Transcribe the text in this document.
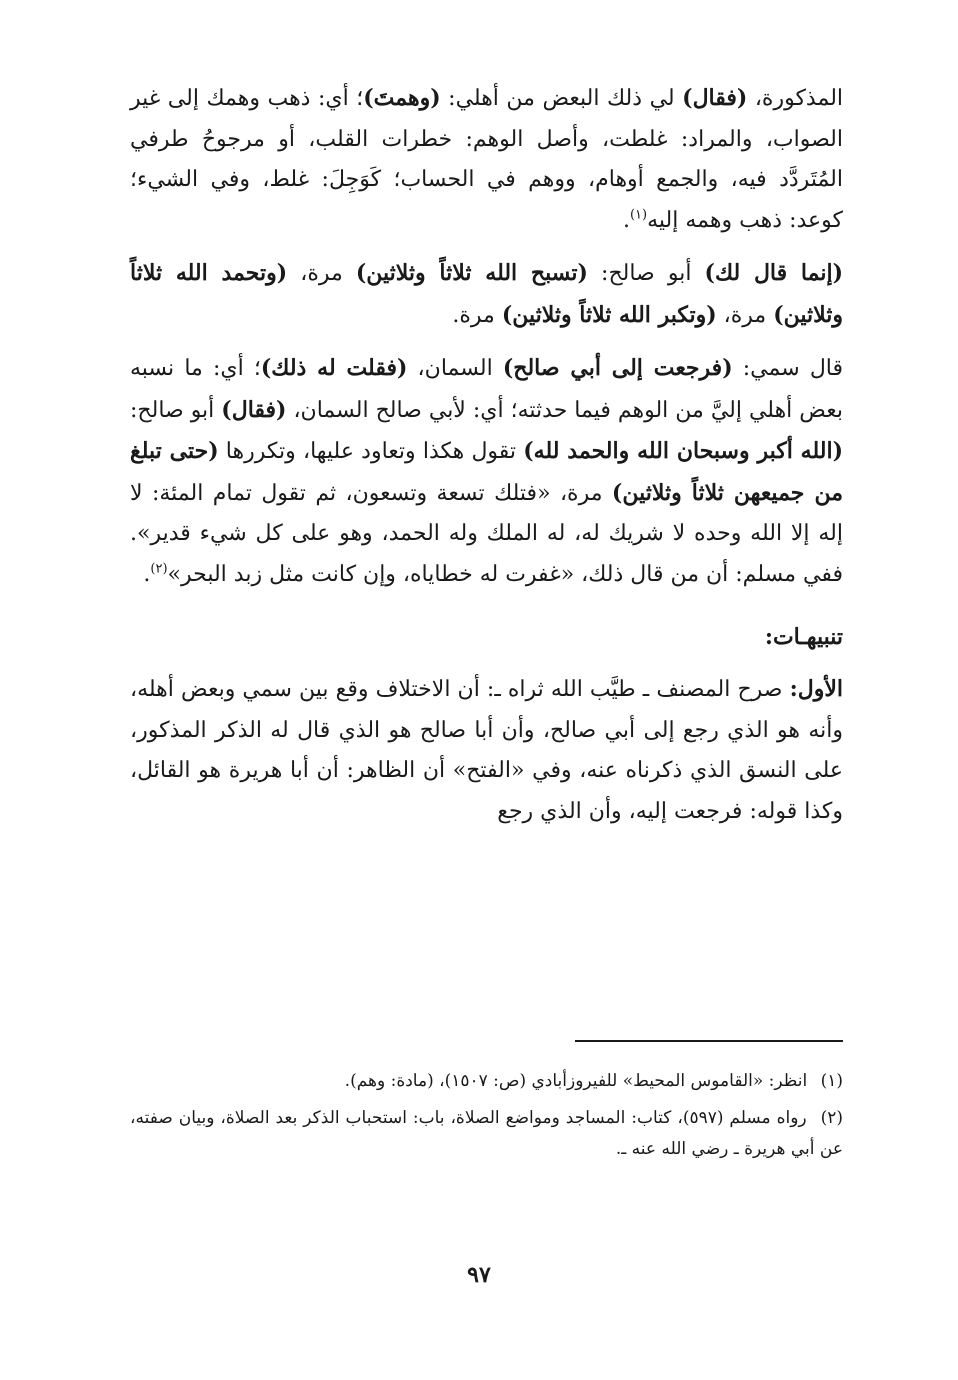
المذكورة، (فقال) لي ذلك البعض من أهلي: (وهمتَ)؛ أي: ذهب وهمك إلى غير الصواب، والمراد: غلطت، وأصل الوهم: خطرات القلب، أو مرجوحُ طرفي المُتَردَّد فيه، والجمع أوهام، ووهم في الحساب؛ كَوَجِلَ: غلط، وفي الشيء؛ كوعد: ذهب وهمه إليه$^{(١)}$.

(إنما قال لك) أبو صالح: (تسبح الله ثلاثاً وثلاثين) مرة، (وتحمد الله ثلاثاً وثلاثين) مرة، (وتكبر الله ثلاثاً وثلاثين) مرة.

قال سمي: (فرجعت إلى أبي صالح) السمان، (فقلت له ذلك)؛ أي: ما نسبه بعض أهلي إليَّ من الوهم فيما حدثته؛ أي: لأبي صالح السمان، (فقال) أبو صالح: (الله أكبر وسبحان الله والحمد لله) تقول هكذا وتعاود عليها، وتكررها (حتى تبلغ من جميعهن ثلاثاً وثلاثين) مرة، «فتلك تسعة وتسعون، ثم تقول تمام المئة: لا إله إلا الله وحده لا شريك له، له الملك وله الحمد، وهو على كل شيء قدير». ففي مسلم: أن من قال ذلك، «غفرت له خطاياه، وإن كانت مثل زبد البحر»$^{(٢)}$.

تنبيهـات:

الأول: صرح المصنف ـ طيَّب الله ثراه ـ: أن الاختلاف وقع بين سمي وبعض أهله، وأنه هو الذي رجع إلى أبي صالح، وأن أبا صالح هو الذي قال له الذكر المذكور، على النسق الذي ذكرناه عنه، وفي «الفتح» أن الظاهر: أن أبا هريرة هو القائل، وكذا قوله: فرجعت إليه، وأن الذي رجع

(١) انظر: «القاموس المحيط» للفيروزأبادي (ص: ١٥٠٧)، (مادة: وهم).

(٢) رواه مسلم (٥٩٧)، كتاب: المساجد ومواضع الصلاة، باب: استحباب الذكر بعد الصلاة، وبيان صفته، عن أبي هريرة ـ رضي الله عنه ـ.

٩٧
